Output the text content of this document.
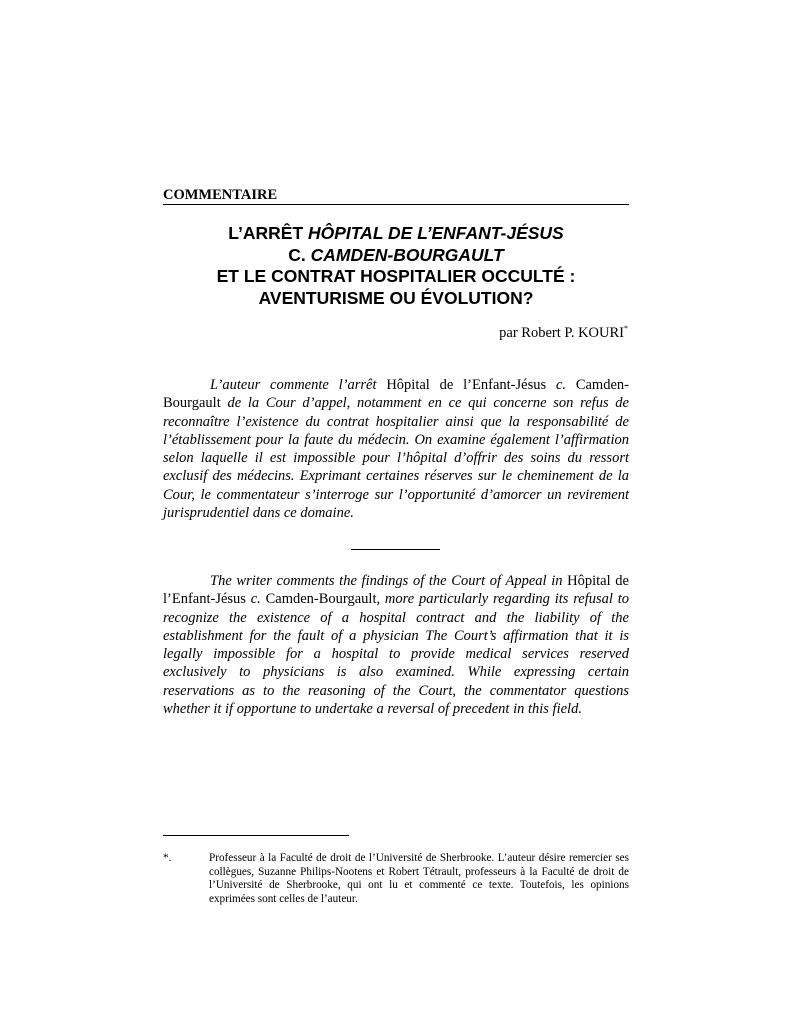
COMMENTAIRE
L’ARRÊT HÔPITAL DE L’ENFANT-JÉSUS
C. CAMDEN-BOURGAULT
ET LE CONTRAT HOSPITALIER OCCULTÉ :
AVENTURISME OU ÉVOLUTION?
par Robert P. KOURI*

L’auteur commente l’arrêt Hôpital de l’Enfant-Jésus c. Camden-Bourgault de la Cour d’appel, notamment en ce qui concerne son refus de reconnaître l’existence du contrat hospitalier ainsi que la responsabilité de l’établissement pour la faute du médecin. On examine également l’affirmation selon laquelle il est impossible pour l’hôpital d’offrir des soins du ressort exclusif des médecins. Exprimant certaines réserves sur le cheminement de la Cour, le commentateur s’interroge sur l’opportunité d’amorcer un revirement jurisprudentiel dans ce domaine.

The writer comments the findings of the Court of Appeal in Hôpital de l’Enfant-Jésus c. Camden-Bourgault, more particularly regarding its refusal to recognize the existence of a hospital contract and the liability of the establishment for the fault of a physician The Court’s affirmation that it is legally impossible for a hospital to provide medical services reserved exclusively to physicians is also examined. While expressing certain reservations as to the reasoning of the Court, the commentator questions whether it if opportune to undertake a reversal of precedent in this field.

*.	Professeur à la Faculté de droit de l’Université de Sherbrooke. L’auteur désire remercier ses collègues, Suzanne Philips-Nootens et Robert Tétrault, professeurs à la Faculté de droit de l’Université de Sherbrooke, qui ont lu et commenté ce texte. Toutefois, les opinions exprimées sont celles de l’auteur.
